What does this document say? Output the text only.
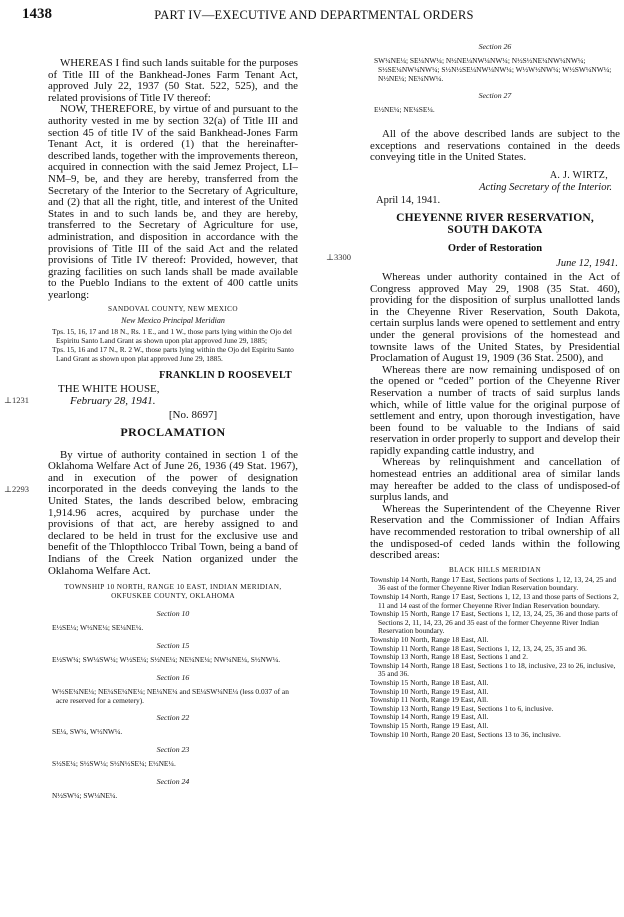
1438	PART IV—EXECUTIVE AND DEPARTMENTAL ORDERS
⊥1231
⊥2293
⊥3300

WHEREAS I find such lands suitable for the purposes of Title III of the Bankhead-Jones Farm Tenant Act, approved July 22, 1937 (50 Stat. 522, 525), and the related provisions of Title IV thereof:

NOW, THEREFORE, by virtue of and pursuant to the authority vested in me by section 32(a) of Title III and section 45 of title IV of the said Bankhead-Jones Farm Tenant Act, it is ordered (1) that the hereinafter-described lands, together with the improvements thereon, acquired in connection with the said Jemez Project, LI–NM–9, be, and they are hereby, transferred from the Secretary of the Interior to the Secretary of Agriculture, and (2) that all the right, title, and interest of the United States in and to such lands be, and they are hereby, transferred to the Secretary of Agriculture for use, administration, and disposition in accordance with the provisions of Title III of the said Act and the related provisions of Title IV thereof: Provided, however, that grazing facilities on such lands shall be made available to the Pueblo Indians to the extent of 400 cattle units yearlong:

SANDOVAL COUNTY, NEW MEXICO
New Mexico Principal Meridian

Tps. 15, 16, 17 and 18 N., Rs. 1 E., and 1 W., those parts lying within the Ojo del Espiritu Santo Land Grant as shown upon plat approved June 29, 1885;

Tps. 15, 16 and 17 N., R. 2 W., those parts lying within the Ojo del Espiritu Santo Land Grant as shown upon plat approved June 29, 1885.

FRANKLIN D ROOSEVELT
THE WHITE HOUSE,
February 28, 1941.
[No. 8697]
PROCLAMATION

By virtue of authority contained in section 1 of the Oklahoma Welfare Act of June 26, 1936 (49 Stat. 1967), and in execution of the power of designation incorporated in the deeds conveying the lands to the United States, the lands described below, embracing 1,914.96 acres, acquired by purchase under the provisions of that act, are hereby assigned to and declared to be held in trust for the exclusive use and benefit of the Thlopthlocco Tribal Town, being a band of Indians of the Creek Nation organized under the Oklahoma Welfare Act.

TOWNSHIP 10 NORTH, RANGE 10 EAST, INDIAN MERIDIAN, OKFUSKEE COUNTY, OKLAHOMA
Section 10

E½SE¼; W½NE¼; SE¼NE¼.

Section 15

E½SW¼; SW¼SW¼; W½SE¼; S½NE¼; NE¼NE¼; NW¼NE¼, S½NW¼.

Section 16

W½SE¼NE¼; NE¼SE¼NE¼; NE¼NE¼ and SE¼SW¼NE¼ (less 0.037 of an acre reserved for a cemetery).

Section 22

SE¼, SW¼, W½NW¼.

Section 23

S½SE¼; S½SW¼; S½N½SE¼; E½NE¼.

Section 24

N½SW¼; SW¼NE¼.

Section 26

SW¼NE¼; SE¼NW¼; N½NE¼NW¼NW¼; N½S½NE¼NW¼NW¼; S½SE¼NW¼NW¼; S½N½SE¼NW¼NW¼; W½W½NW¼; W½SW¼NW¼; N½NE¼; NE¼NW¼.

Section 27

E½NE¼; NE¼SE¼.

All of the above described lands are subject to the exceptions and reservations contained in the deeds conveying title in the United States.

A. J. WIRTZ,
Acting Secretary of the Interior.
April 14, 1941.
CHEYENNE RIVER RESERVATION,
SOUTH DAKOTA
Order of Restoration
June 12, 1941.

Whereas under authority contained in the Act of Congress approved May 29, 1908 (35 Stat. 460), providing for the disposition of surplus unallotted lands in the Cheyenne River Reservation, South Dakota, certain surplus lands were opened to settlement and entry under the general provisions of the homestead and townsite laws of the United States, by Presidential Proclamation of August 19, 1909 (36 Stat. 2500), and

Whereas there are now remaining undisposed of on the opened or “ceded” portion of the Cheyenne River Reservation a number of tracts of said surplus lands which, while of little value for the original purpose of settlement and entry, upon thorough investigation, have been found to be valuable to the Indians of said reservation in order properly to support and develop their rapidly expanding cattle industry, and

Whereas by relinquishment and cancellation of homestead entries an additional area of similar lands may hereafter be added to the class of undisposed-of surplus lands, and

Whereas the Superintendent of the Cheyenne River Reservation and the Commissioner of Indian Affairs have recommended restoration to tribal ownership of all the undisposed-of ceded lands within the following described areas:

BLACK HILLS MERIDIAN

Township 14 North, Range 17 East, Sections parts of Sections 1, 12, 13, 24, 25 and 36 east of the former Cheyenne River Indian Reservation boundary.

Township 14 North, Range 17 East, Sections 1, 12, 13 and those parts of Sections 2, 11 and 14 east of the former Cheyenne River Indian Reservation boundary.

Township 15 North, Range 17 East, Sections 1, 12, 13, 24, 25, 36 and those parts of Sections 2, 11, 14, 23, 26 and 35 east of the former Cheyenne River Indian Reservation boundary.

Township 10 North, Range 18 East, All.

Township 11 North, Range 18 East, Sections 1, 12, 13, 24, 25, 35 and 36.

Township 13 North, Range 18 East, Sections 1 and 2.

Township 14 North, Range 18 East, Sections 1 to 18, inclusive, 23 to 26, inclusive, 35 and 36.

Township 15 North, Range 18 East, All.

Township 10 North, Range 19 East, All.

Township 11 North, Range 19 East, All.

Township 13 North, Range 19 East, Sections 1 to 6, inclusive.

Township 14 North, Range 19 East, All.

Township 15 North, Range 19 East, All.

Township 10 North, Range 20 East, Sections 13 to 36, inclusive.
